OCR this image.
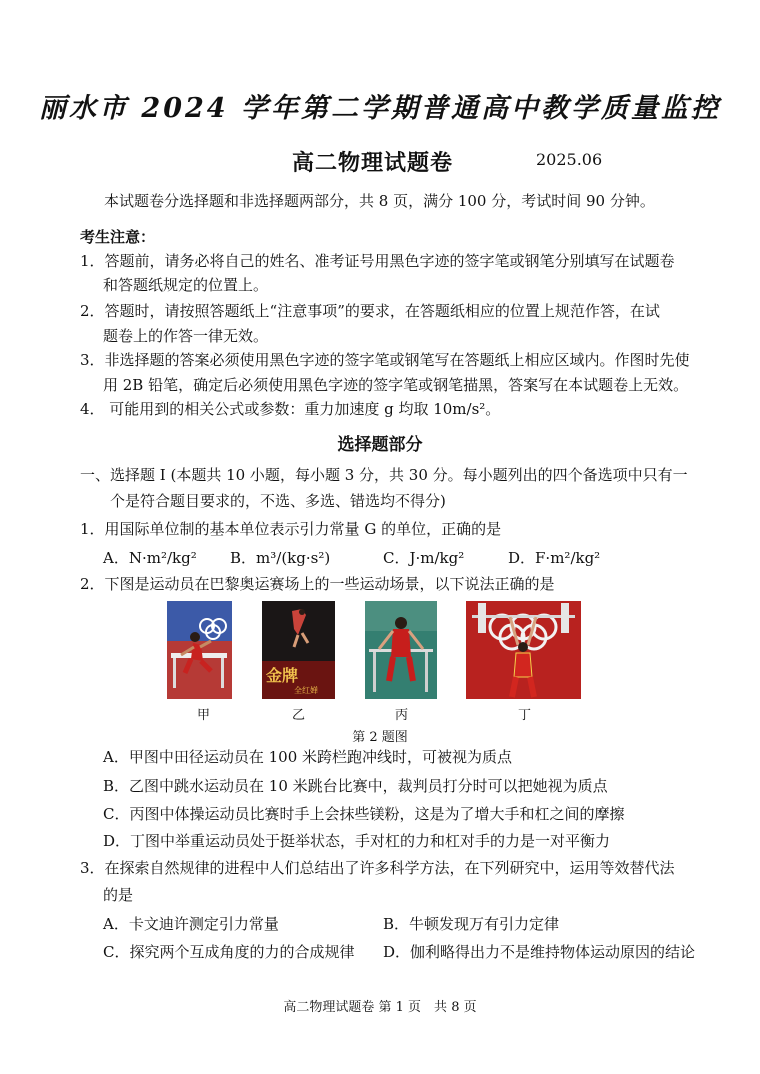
丽水市 2024 学年第二学期普通高中教学质量监控
高二物理试题卷	2025.06
本试题卷分选择题和非选择题两部分，共 8 页，满分 100 分，考试时间 90 分钟。
考生注意：
1．答题前，请务必将自己的姓名、准考证号用黑色字迹的签字笔或钢笔分别填写在试题卷
和答题纸规定的位置上。
2．答题时，请按照答题纸上“注意事项”的要求，在答题纸相应的位置上规范作答，在试
题卷上的作答一律无效。
3．非选择题的答案必须使用黑色字迹的签字笔或钢笔写在答题纸上相应区域内。作图时先使
用 2B 铅笔，确定后必须使用黑色字迹的签字笔或钢笔描黑，答案写在本试题卷上无效。
4． 可能用到的相关公式或参数：重力加速度 g 均取 10m/s²。
选择题部分
一、选择题 I (本题共 10 小题，每小题 3 分，共 30 分。每小题列出的四个备选项中只有一
个是符合题目要求的，不选、多选、错选均不得分)
1．用国际单位制的基本单位表示引力常量 G 的单位，正确的是
A．N·m²/kg² B．m³/(kg·s²)	C．J·m/kg²	D．F·m²/kg²
2．下图是运动员在巴黎奥运赛场上的一些运动场景，以下说法正确的是
金牌
全红婵
甲	乙	丙	丁
第 2 题图
A．甲图中田径运动员在 100 米跨栏跑冲线时，可被视为质点
B．乙图中跳水运动员在 10 米跳台比赛中，裁判员打分时可以把她视为质点
C．丙图中体操运动员比赛时手上会抹些镁粉，这是为了增大手和杠之间的摩擦
D．丁图中举重运动员处于挺举状态，手对杠的力和杠对手的力是一对平衡力
3．在探索自然规律的进程中人们总结出了许多科学方法，在下列研究中，运用等效替代法
的是
A．卡文迪许测定引力常量	B．牛顿发现万有引力定律
C．探究两个互成角度的力的合成规律 D．伽利略得出力不是维持物体运动原因的结论
高二物理试题卷 第 1 页　共 8 页
